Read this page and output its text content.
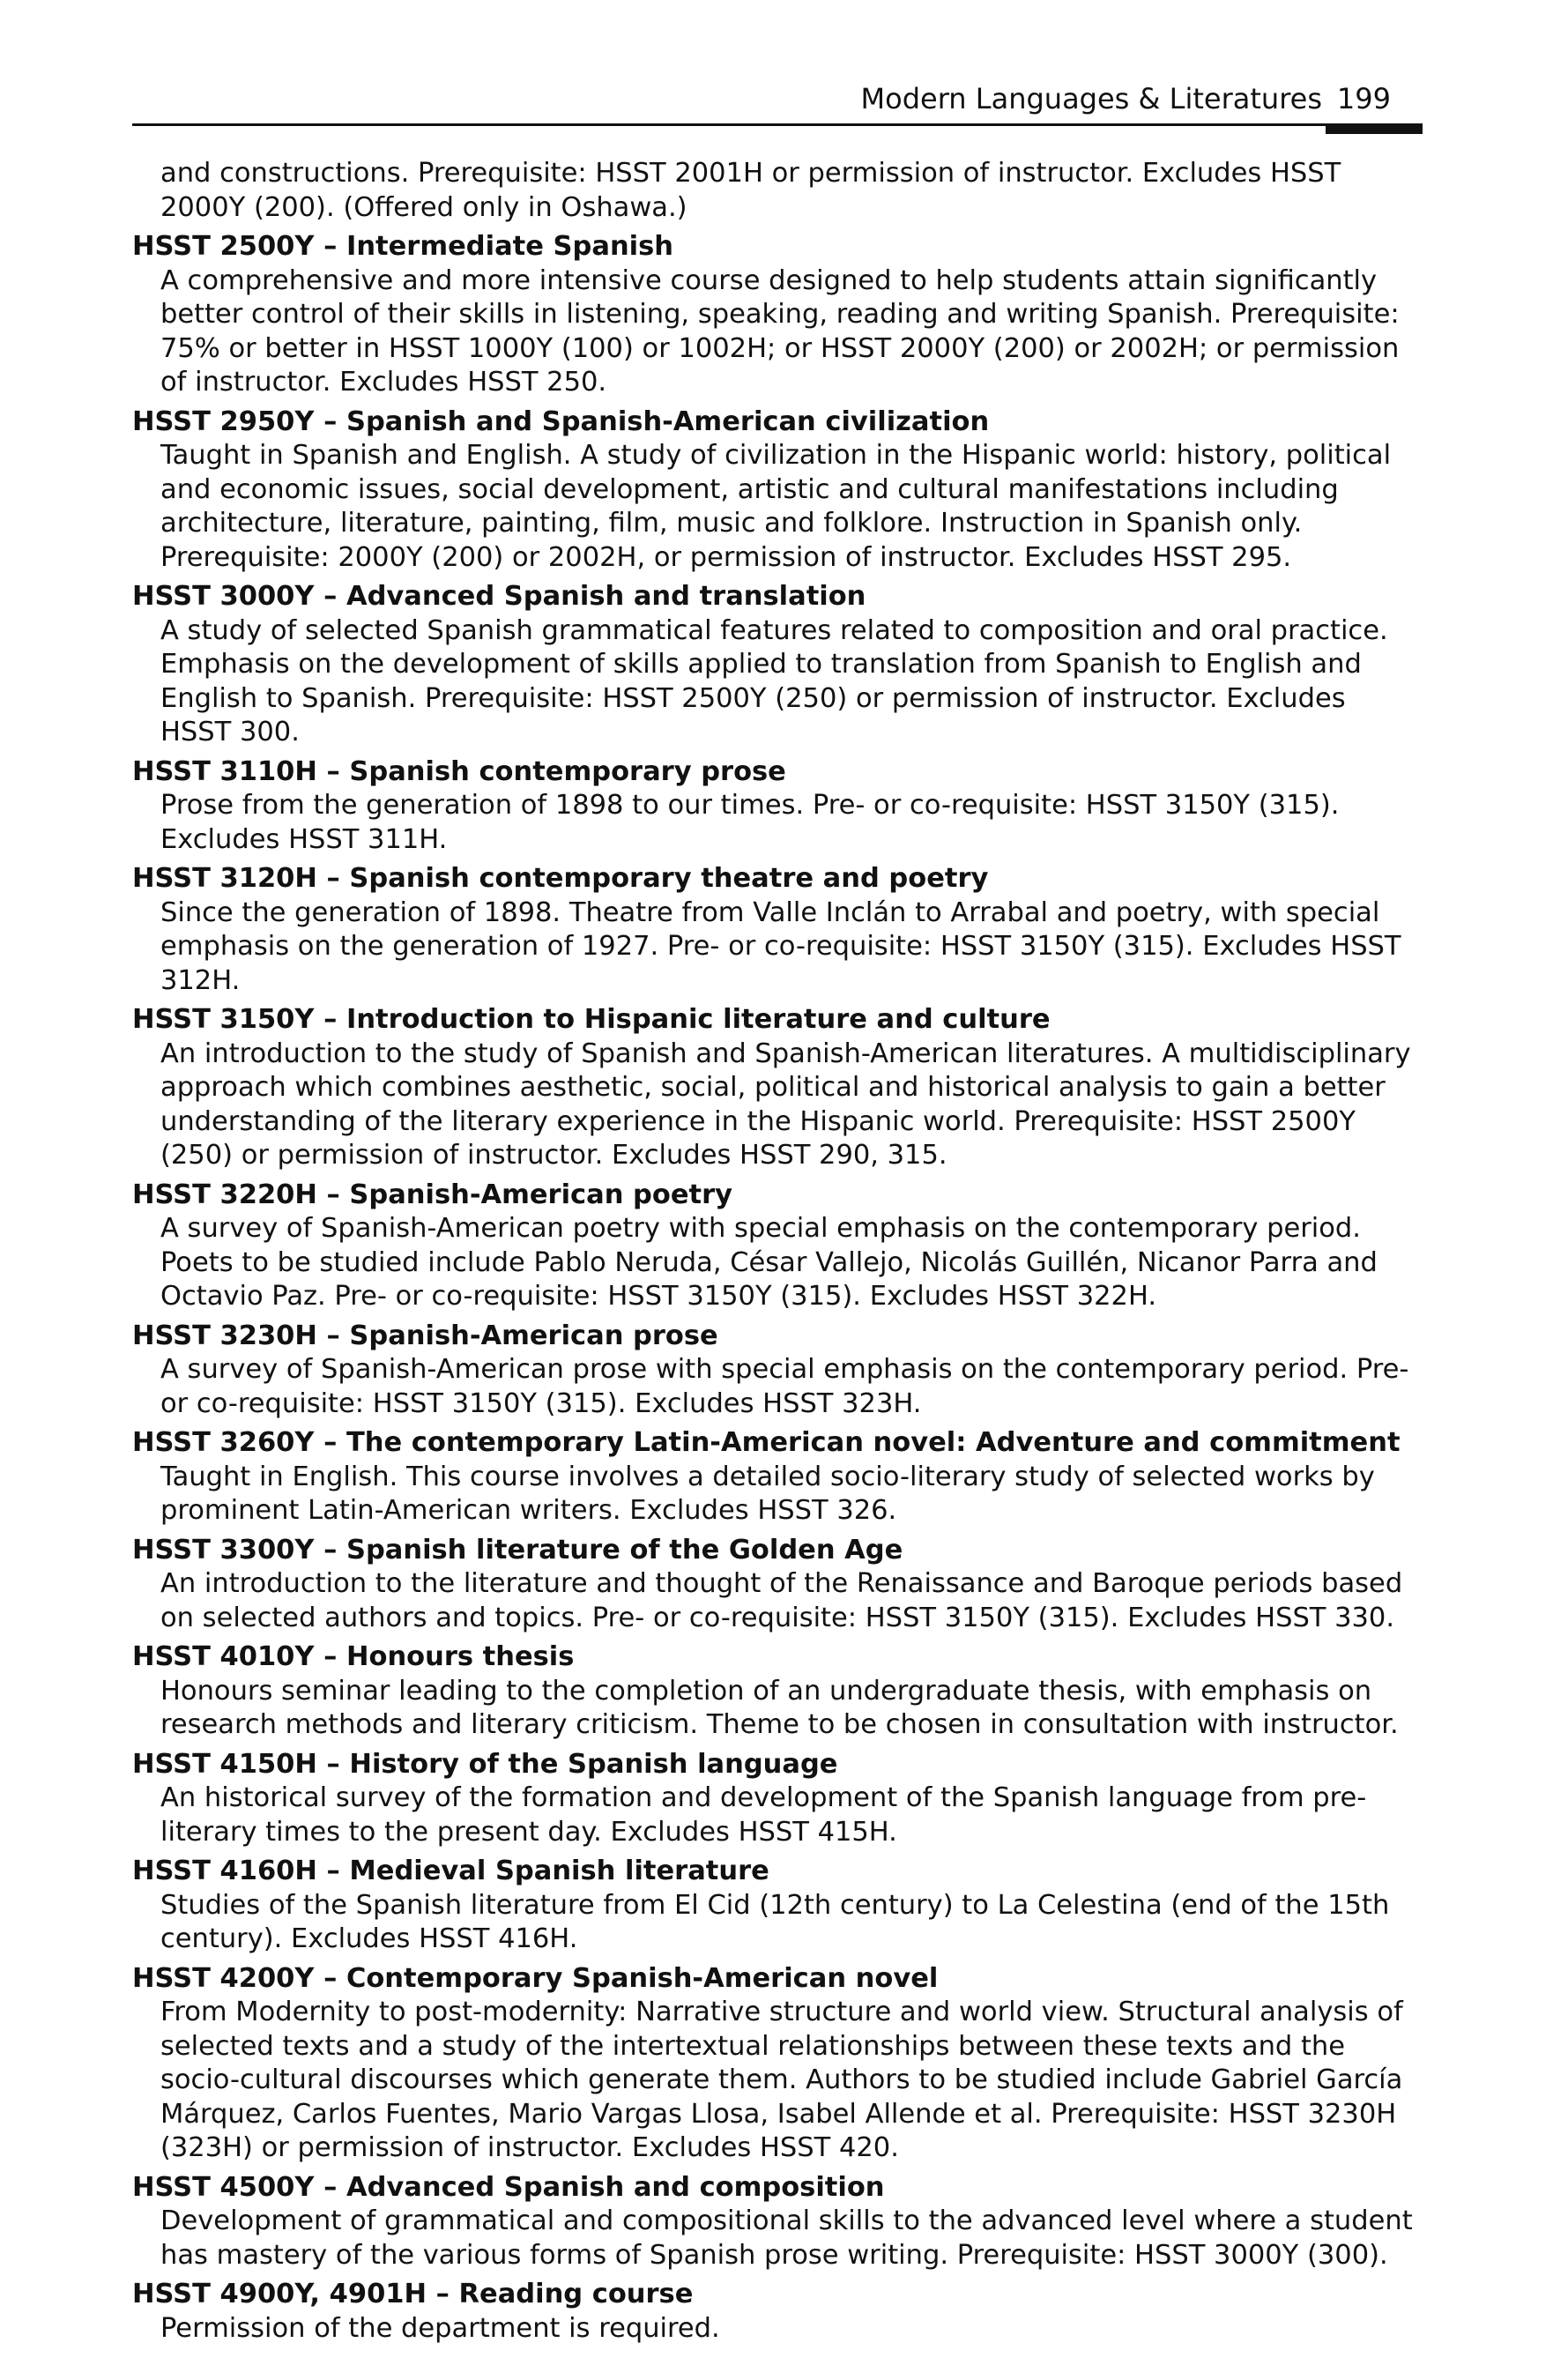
Modern Languages & Literatures 199
and constructions. Prerequisite: HSST 2001H or permission of instructor. Excludes HSST 2000Y (200). (Offered only in Oshawa.)
HSST 2500Y – Intermediate Spanish
A comprehensive and more intensive course designed to help students attain significantly better control of their skills in listening, speaking, reading and writing Spanish. Prerequisite: 75% or better in HSST 1000Y (100) or 1002H; or HSST 2000Y (200) or 2002H; or permission of instructor. Excludes HSST 250.
HSST 2950Y – Spanish and Spanish-American civilization
Taught in Spanish and English. A study of civilization in the Hispanic world: history, political and economic issues, social development, artistic and cultural manifestations including architecture, literature, painting, film, music and folklore. Instruction in Spanish only. Prerequisite: 2000Y (200) or 2002H, or permission of instructor. Excludes HSST 295.
HSST 3000Y – Advanced Spanish and translation
A study of selected Spanish grammatical features related to composition and oral practice. Emphasis on the development of skills applied to translation from Spanish to English and English to Spanish. Prerequisite: HSST 2500Y (250) or permission of instructor. Excludes HSST 300.
HSST 3110H – Spanish contemporary prose
Prose from the generation of 1898 to our times. Pre- or co-requisite: HSST 3150Y (315). Excludes HSST 311H.
HSST 3120H – Spanish contemporary theatre and poetry
Since the generation of 1898. Theatre from Valle Inclán to Arrabal and poetry, with special emphasis on the generation of 1927. Pre- or co-requisite: HSST 3150Y (315). Excludes HSST 312H.
HSST 3150Y – Introduction to Hispanic literature and culture
An introduction to the study of Spanish and Spanish-American literatures. A multidisciplinary approach which combines aesthetic, social, political and historical analysis to gain a better understanding of the literary experience in the Hispanic world. Prerequisite: HSST 2500Y (250) or permission of instructor. Excludes HSST 290, 315.
HSST 3220H – Spanish-American poetry
A survey of Spanish-American poetry with special emphasis on the contemporary period. Poets to be studied include Pablo Neruda, César Vallejo, Nicolás Guillén, Nicanor Parra and Octavio Paz. Pre- or co-requisite: HSST 3150Y (315). Excludes HSST 322H.
HSST 3230H – Spanish-American prose
A survey of Spanish-American prose with special emphasis on the contemporary period. Pre- or co-requisite: HSST 3150Y (315). Excludes HSST 323H.
HSST 3260Y – The contemporary Latin-American novel: Adventure and commitment
Taught in English. This course involves a detailed socio-literary study of selected works by prominent Latin-American writers. Excludes HSST 326.
HSST 3300Y – Spanish literature of the Golden Age
An introduction to the literature and thought of the Renaissance and Baroque periods based on selected authors and topics. Pre- or co-requisite: HSST 3150Y (315). Excludes HSST 330.
HSST 4010Y – Honours thesis
Honours seminar leading to the completion of an undergraduate thesis, with emphasis on research methods and literary criticism. Theme to be chosen in consultation with instructor.
HSST 4150H – History of the Spanish language
An historical survey of the formation and development of the Spanish language from pre-literary times to the present day. Excludes HSST 415H.
HSST 4160H – Medieval Spanish literature
Studies of the Spanish literature from El Cid (12th century) to La Celestina (end of the 15th century). Excludes HSST 416H.
HSST 4200Y – Contemporary Spanish-American novel
From Modernity to post-modernity: Narrative structure and world view. Structural analysis of selected texts and a study of the intertextual relationships between these texts and the socio-cultural discourses which generate them. Authors to be studied include Gabriel García Márquez, Carlos Fuentes, Mario Vargas Llosa, Isabel Allende et al. Prerequisite: HSST 3230H (323H) or permission of instructor. Excludes HSST 420.
HSST 4500Y – Advanced Spanish and composition
Development of grammatical and compositional skills to the advanced level where a student has mastery of the various forms of Spanish prose writing. Prerequisite: HSST 3000Y (300).
HSST 4900Y, 4901H – Reading course
Permission of the department is required.
